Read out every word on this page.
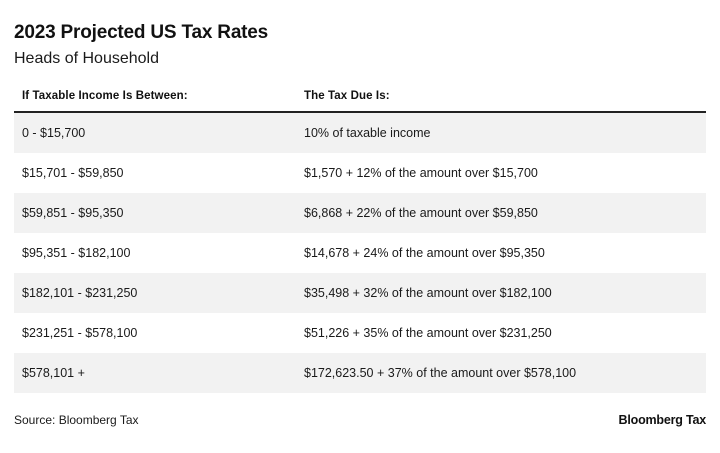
2023 Projected US Tax Rates
Heads of Household
If Taxable Income Is Between:	The Tax Due Is:
0 - $15,700	10% of taxable income
$15,701 - $59,850	$1,570 + 12% of the amount over $15,700
$59,851 - $95,350	$6,868 + 22% of the amount over $59,850
$95,351 - $182,100	$14,678 + 24% of the amount over $95,350
$182,101 - $231,250	$35,498 + 32% of the amount over $182,100
$231,251 - $578,100	$51,226 + 35% of the amount over $231,250
$578,101 +	$172,623.50 + 37% of the amount over $578,100
Source: Bloomberg Tax	Bloomberg Tax
